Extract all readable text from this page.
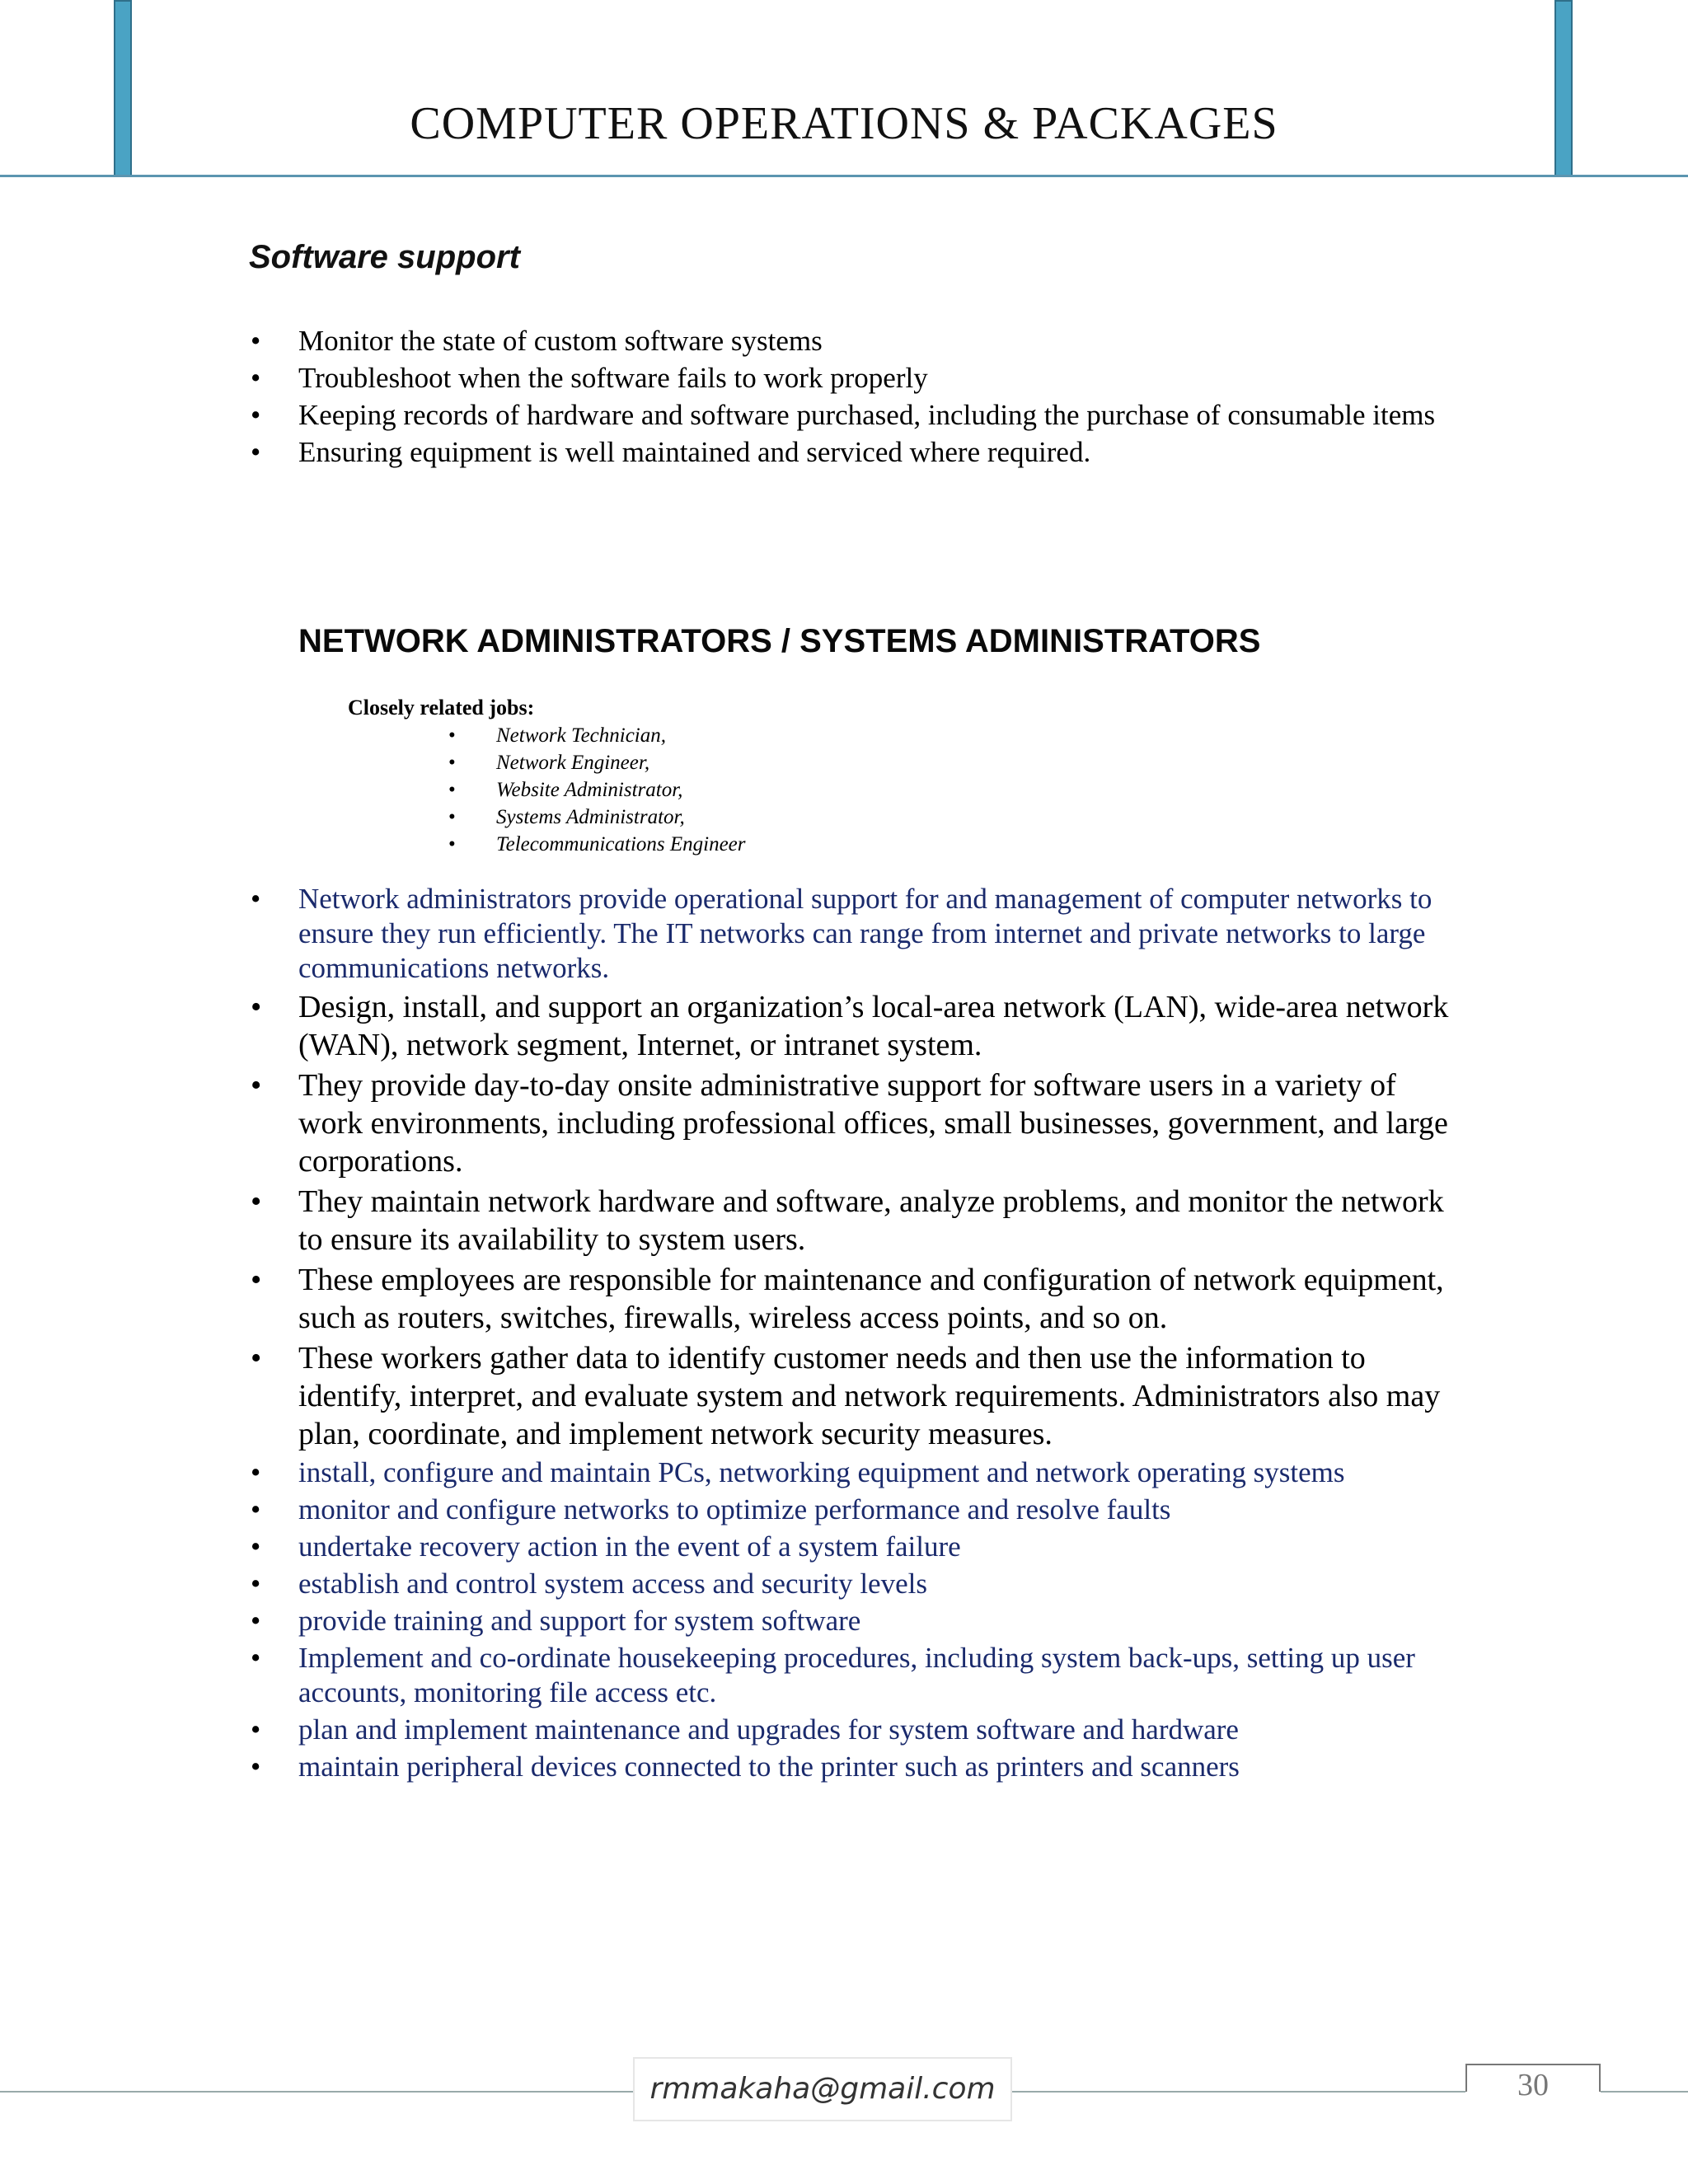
COMPUTER OPERATIONS & PACKAGES
Software support
• Monitor the state of custom software systems
• Troubleshoot when the software fails to work properly
• Keeping records of hardware and software purchased, including the purchase of consumable items
• Ensuring equipment is well maintained and serviced where required.
NETWORK ADMINISTRATORS / SYSTEMS ADMINISTRATORS
Closely related jobs:
• Network Technician,
• Network Engineer,
• Website Administrator,
• Systems Administrator,
• Telecommunications Engineer
• Network administrators provide operational support for and management of computer networks to ensure they run efficiently. The IT networks can range from internet and private networks to large communications networks.
• Design, install, and support an organization’s local-area network (LAN), wide-area network (WAN), network segment, Internet, or intranet system.
• They provide day-to-day onsite administrative support for software users in a variety of work environments, including professional offices, small businesses, government, and large corporations.
• They maintain network hardware and software, analyze problems, and monitor the network to ensure its availability to system users.
• These employees are responsible for maintenance and configuration of network equipment, such as routers, switches, firewalls, wireless access points, and so on.
• These workers gather data to identify customer needs and then use the information to identify, interpret, and evaluate system and network requirements. Administrators also may plan, coordinate, and implement network security measures.
• install, configure and maintain PCs, networking equipment and network operating systems
• monitor and configure networks to optimize performance and resolve faults
• undertake recovery action in the event of a system failure
• establish and control system access and security levels
• provide training and support for system software
• Implement and co-ordinate housekeeping procedures, including system back-ups, setting up user accounts, monitoring file access etc.
• plan and implement maintenance and upgrades for system software and hardware
• maintain peripheral devices connected to the printer such as printers and scanners
rmmakaha@gmail.com	30
